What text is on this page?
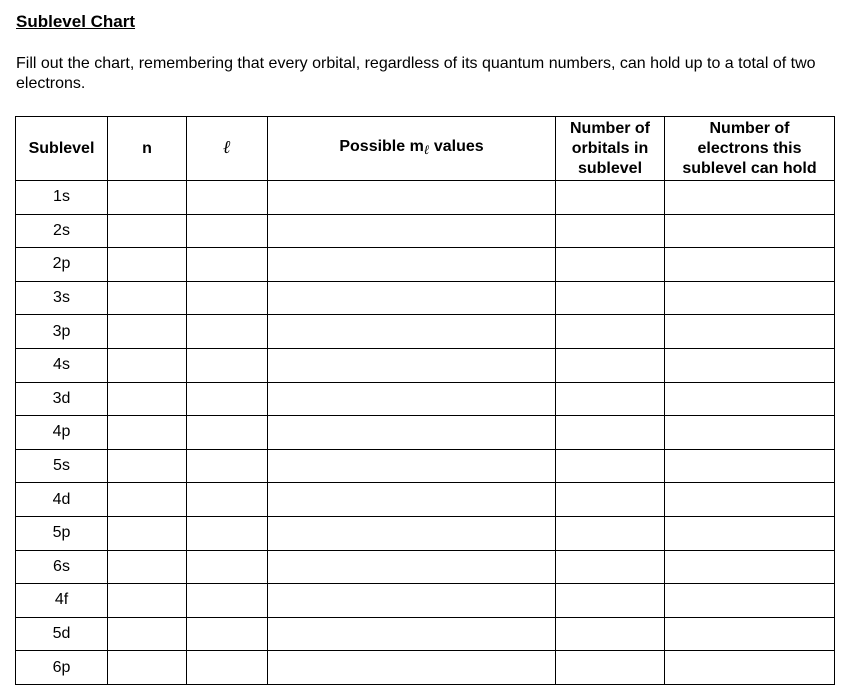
Sublevel Chart
Fill out the chart, remembering that every orbital, regardless of its quantum numbers, can hold up to a total of two electrons.
Sublevel	n	ℓ	Possible mℓ values	Number of
orbitals in
sublevel	Number of
electrons this
sublevel can hold
1s					
2s					
2p					
3s					
3p					
4s					
3d					
4p					
5s					
4d					
5p					
6s					
4f					
5d					
6p					
